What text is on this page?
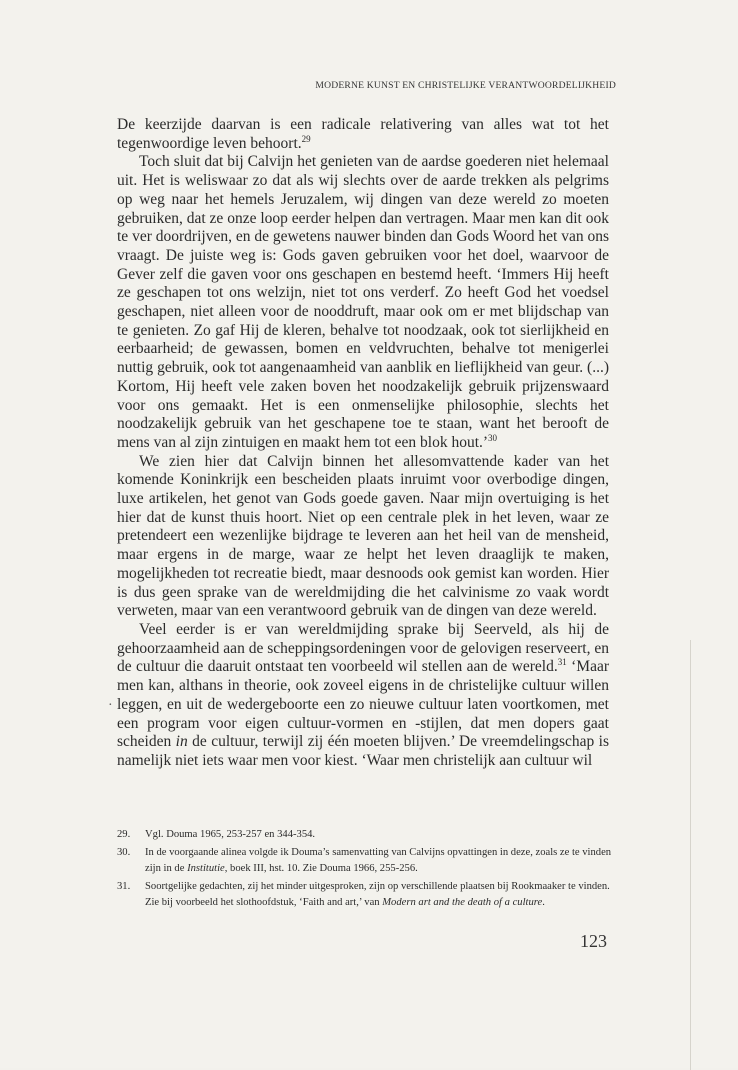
MODERNE KUNST EN CHRISTELIJKE VERANTWOORDELIJKHEID

De keerzijde daarvan is een radicale relativering van alles wat tot het tegenwoordige leven behoort.$^{29}$

Toch sluit dat bij Calvijn het genieten van de aardse goederen niet helemaal uit. Het is weliswaar zo dat als wij slechts over de aarde trekken als pelgrims op weg naar het hemels Jeruzalem, wij dingen van deze wereld zo moeten gebruiken, dat ze onze loop eerder helpen dan vertragen. Maar men kan dit ook te ver doordrijven, en de gewetens nauwer binden dan Gods Woord het van ons vraagt. De juiste weg is: Gods gaven gebruiken voor het doel, waarvoor de Gever zelf die gaven voor ons geschapen en bestemd heeft. ‘Immers Hij heeft ze geschapen tot ons welzijn, niet tot ons verderf. Zo heeft God het voedsel geschapen, niet alleen voor de nooddruft, maar ook om er met blijdschap van te genieten. Zo gaf Hij de kleren, behalve tot noodzaak, ook tot sierlijkheid en eerbaarheid; de gewassen, bomen en veldvruchten, behalve tot menigerlei nuttig gebruik, ook tot aangenaamheid van aanblik en lieflijkheid van geur. (...) Kortom, Hij heeft vele zaken boven het noodzakelijk gebruik prijzenswaard voor ons gemaakt. Het is een onmenselijke philosophie, slechts het noodzakelijk gebruik van het geschapene toe te staan, want het berooft de mens van al zijn zintuigen en maakt hem tot een blok hout.’$^{30}$

We zien hier dat Calvijn binnen het allesomvattende kader van het komende Koninkrijk een bescheiden plaats inruimt voor overbodige dingen, luxe artikelen, het genot van Gods goede gaven. Naar mijn overtuiging is het hier dat de kunst thuis hoort. Niet op een centrale plek in het leven, waar ze pretendeert een wezenlijke bijdrage te leveren aan het heil van de mensheid, maar ergens in de marge, waar ze helpt het leven draaglijk te maken, mogelijkheden tot recreatie biedt, maar desnoods ook gemist kan worden. Hier is dus geen sprake van de wereldmijding die het calvinisme zo vaak wordt verweten, maar van een verantwoord gebruik van de dingen van deze wereld.

Veel eerder is er van wereldmijding sprake bij Seerveld, als hij de gehoorzaamheid aan de scheppingsordeningen voor de gelovigen reserveert, en de cultuur die daaruit ontstaat ten voorbeeld wil stellen aan de wereld.$^{31}$ ‘Maar men kan, althans in theorie, ook zoveel eigens in de christelijke cultuur willen leggen, en uit de wedergeboorte een zo nieuwe cultuur laten voortkomen, met een program voor eigen cultuur-vormen en -stijlen, dat men dopers gaat scheiden in de cultuur, terwijl zij één moeten blijven.’ De vreemdelingschap is namelijk niet iets waar men voor kiest. ‘Waar men christelijk aan cultuur wil

·
29.	Vgl. Douma 1965, 253-257 en 344-354.
30.	In de voorgaande alinea volgde ik Douma’s samenvatting van Calvijns opvattingen in deze, zoals ze te vinden zijn in de Institutie, boek III, hst. 10. Zie Douma 1966, 255-256.
31.	Soortgelijke gedachten, zij het minder uitgesproken, zijn op verschillende plaatsen bij Rookmaaker te vinden. Zie bij voorbeeld het slothoofdstuk, ‘Faith and art,’ van Modern art and the death of a culture.
123
